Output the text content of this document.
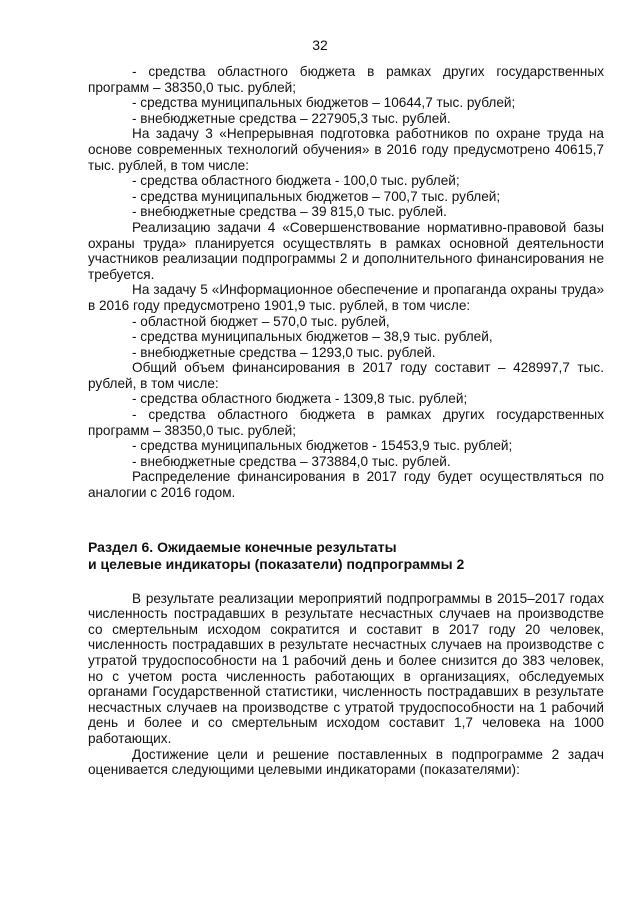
32

- средства областного бюджета в рамках других государственных программ – 38350,0 тыс. рублей;

- средства муниципальных бюджетов – 10644,7 тыс. рублей;

- внебюджетные средства – 227905,3 тыс. рублей.

На задачу 3 «Непрерывная подготовка работников по охране труда на основе современных технологий обучения» в 2016 году предусмотрено 40615,7 тыс. рублей, в том числе:

- средства областного бюджета - 100,0 тыс. рублей;

- средства муниципальных бюджетов – 700,7 тыс. рублей;

- внебюджетные средства – 39 815,0 тыс. рублей.

Реализацию задачи 4 «Совершенствование нормативно-правовой базы охраны труда» планируется осуществлять в рамках основной деятельности участников реализации подпрограммы 2 и дополнительного финансирования не требуется.

На задачу 5 «Информационное обеспечение и пропаганда охраны труда» в 2016 году предусмотрено 1901,9 тыс. рублей, в том числе:

- областной бюджет – 570,0 тыс. рублей,

- средства муниципальных бюджетов – 38,9 тыс. рублей,

- внебюджетные средства – 1293,0 тыс. рублей.

Общий объем финансирования в 2017 году составит – 428997,7 тыс. рублей, в том числе:

- средства областного бюджета - 1309,8 тыс. рублей;

- средства областного бюджета в рамках других государственных программ – 38350,0 тыс. рублей;

- средства муниципальных бюджетов - 15453,9 тыс. рублей;

- внебюджетные средства – 373884,0 тыс. рублей.

Распределение финансирования в 2017 году будет осуществляться по аналогии с 2016 годом.

Раздел 6. Ожидаемые конечные результаты

и целевые индикаторы (показатели) подпрограммы 2

В результате реализации мероприятий подпрограммы в 2015–2017 годах численность пострадавших в результате несчастных случаев на производстве со смертельным исходом сократится и составит в 2017 году 20 человек, численность пострадавших в результате несчастных случаев на производстве с утратой трудоспособности на 1 рабочий день и более снизится до 383 человек, но с учетом роста численность работающих в организациях, обследуемых органами Государственной статистики, численность пострадавших в результате несчастных случаев на производстве с утратой трудоспособности на 1 рабочий день и более и со смертельным исходом составит 1,7 человека на 1000 работающих.

Достижение цели и решение поставленных в подпрограмме 2 задач оценивается следующими целевыми индикаторами (показателями):
